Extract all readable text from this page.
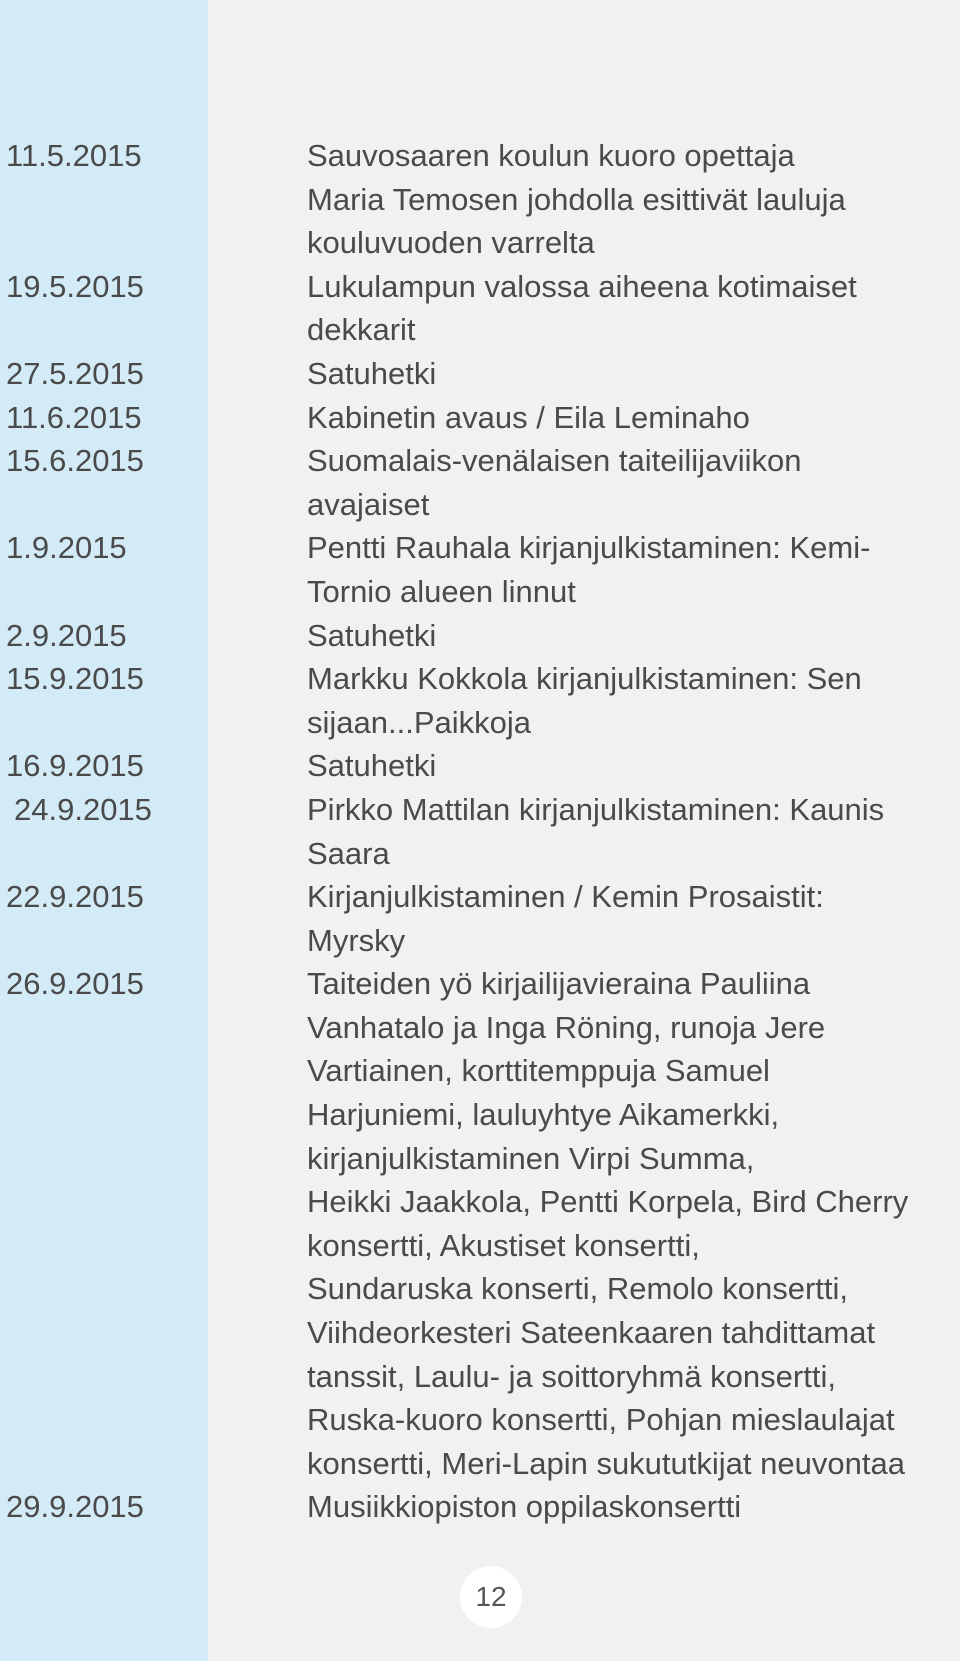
11.5.2015	Sauvosaaren koulun kuoro opettaja
Maria Temosen johdolla esittivät lauluja
kouluvuoden varrelta
19.5.2015	Lukulampun valossa aiheena kotimaiset
dekkarit
27.5.2015	Satuhetki
11.6.2015	Kabinetin avaus / Eila Leminaho
15.6.2015	Suomalais-venälaisen taiteilijaviikon
avajaiset
1.9.2015	Pentti Rauhala kirjanjulkistaminen: Kemi-
Tornio alueen linnut
2.9.2015	Satuhetki
15.9.2015	Markku Kokkola kirjanjulkistaminen: Sen
sijaan...Paikkoja
16.9.2015	Satuhetki
24.9.2015	Pirkko Mattilan kirjanjulkistaminen: Kaunis
Saara
22.9.2015	Kirjanjulkistaminen / Kemin Prosaistit:
Myrsky
26.9.2015	Taiteiden yö kirjailijavieraina Pauliina
Vanhatalo ja Inga Röning, runoja Jere
Vartiainen, korttitemppuja Samuel
Harjuniemi, lauluyhtye Aikamerkki,
kirjanjulkistaminen Virpi Summa,
Heikki Jaakkola, Pentti Korpela, Bird Cherry
konsertti, Akustiset konsertti,
Sundaruska konserti, Remolo konsertti,
Viihdeorkesteri Sateenkaaren tahdittamat
tanssit, Laulu- ja soittoryhmä konsertti,
Ruska-kuoro konsertti, Pohjan mieslaulajat
konsertti, Meri-Lapin sukututkijat neuvontaa
29.9.2015	Musiikkiopiston oppilaskonsertti
12
